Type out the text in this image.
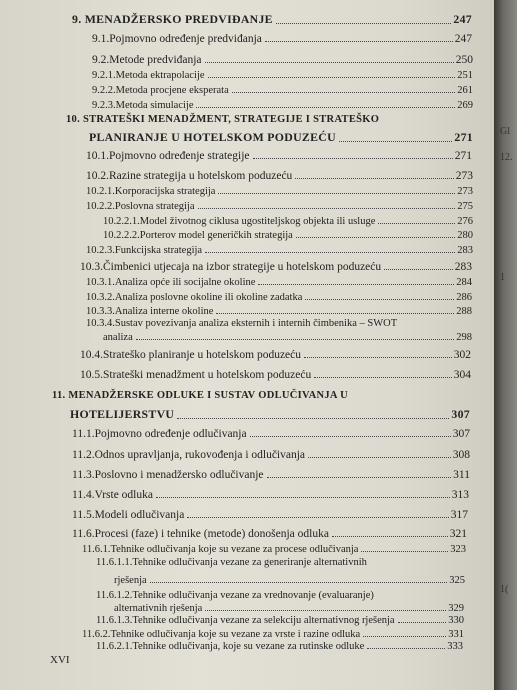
9. MENADŽERSKO PREDVIĐANJE	247
9.1.Pojmovno određenje predviđanja	247
9.2.Metode predviđanja	250
9.2.1.Metoda ektrapolacije	251
9.2.2.Metoda procjene eksperata	261
9.2.3.Metoda simulacije	269
10. STRATEŠKI MENADŽMENT, STRATEGIJE I STRATEŠKO
PLANIRANJE U HOTELSKOM PODUZEĆU	271
10.1.Pojmovno određenje strategije	271
10.2.Razine strategija u hotelskom poduzeću	273
10.2.1.Korporacijska strategija	273
10.2.2.Poslovna strategija	275
10.2.2.1.Model životnog ciklusa ugostiteljskog objekta ili usluge	276
10.2.2.2.Porterov model generičkih strategija	280
10.2.3.Funkcijska strategija	283
10.3.Čimbenici utjecaja na izbor strategije u hotelskom poduzeću	283
10.3.1.Analiza opće ili socijalne okoline	284
10.3.2.Analiza poslovne okoline ili okoline zadatka	286
10.3.3.Analiza interne okoline	288
10.3.4.Sustav povezivanja analiza eksternih i internih čimbenika – SWOT
analiza	298
10.4.Strateško planiranje u hotelskom poduzeću	302
10.5.Strateški menadžment u hotelskom poduzeću	304
11. MENADŽERSKE ODLUKE I SUSTAV ODLUČIVANJA U
HOTELIJERSTVU	307
11.1.Pojmovno određenje odlučivanja	307
11.2.Odnos upravljanja, rukovođenja i odlučivanja	308
11.3.Poslovno i menadžersko odlučivanje	311
11.4.Vrste odluka	313
11.5.Modeli odlučivanja	317
11.6.Procesi (faze) i tehnike (metode) donošenja odluka	321
11.6.1.Tehnike odlučivanja koje su vezane za procese odlučivanja	323
11.6.1.1.Tehnike odlučivanja vezane za generiranje alternativnih
rješenja	325
11.6.1.2.Tehnike odlučivanja vezane za vrednovanje (evaluaranje)
alternativnih rješenja	329
11.6.1.3.Tehnike odlučivanja vezane za selekciju alternativnog rješenja	330
11.6.2.Tehnike odlučivanja koje su vezane za vrste i razine odluka	331
11.6.2.1.Tehnike odlučivanja, koje su vezane za rutinske odluke	333
XVI
Gl
12.
1
1(
